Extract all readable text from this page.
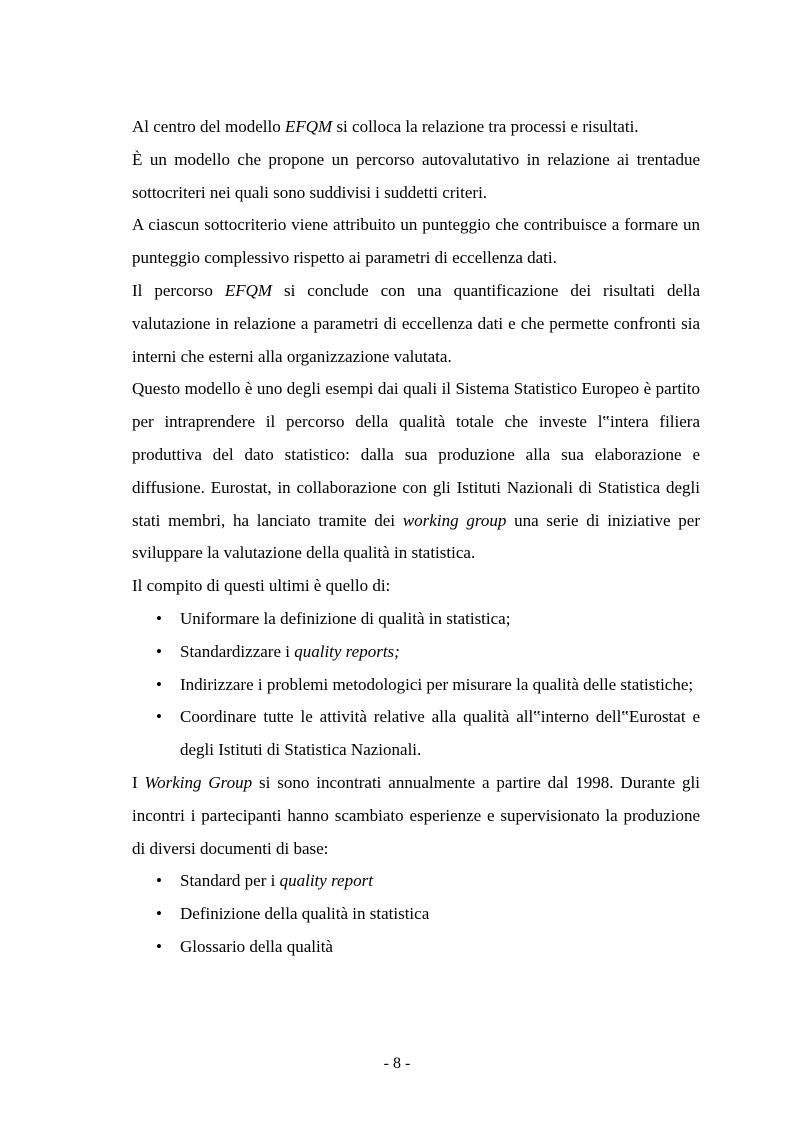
Al centro del modello EFQM si colloca la relazione tra processi e risultati.

È un modello che propone un percorso autovalutativo in relazione ai trentadue sottocriteri nei quali sono suddivisi i suddetti criteri.

A ciascun sottocriterio viene attribuito un punteggio che contribuisce a formare un punteggio complessivo rispetto ai parametri di eccellenza dati.

Il percorso EFQM si conclude con una quantificazione dei risultati della valutazione in relazione a parametri di eccellenza dati e che permette confronti sia interni che esterni alla organizzazione valutata.

Questo modello è uno degli esempi dai quali il Sistema Statistico Europeo è partito per intraprendere il percorso della qualità totale che investe l‟intera filiera produttiva del dato statistico: dalla sua produzione alla sua elaborazione e diffusione. Eurostat, in collaborazione con gli Istituti Nazionali di Statistica degli stati membri, ha lanciato tramite dei working group una serie di iniziative per sviluppare la valutazione della qualità in statistica.

Il compito di questi ultimi è quello di:

• Uniformare la definizione di qualità in statistica;
• Standardizzare i quality reports;
• Indirizzare i problemi metodologici per misurare la qualità delle statistiche;
• Coordinare tutte le attività relative alla qualità all‟interno dell‟Eurostat e degli Istituti di Statistica Nazionali.

I Working Group si sono incontrati annualmente a partire dal 1998. Durante gli incontri i partecipanti hanno scambiato esperienze e supervisionato la produzione di diversi documenti di base:

• Standard per i quality report
• Definizione della qualità in statistica
• Glossario della qualità
- 8 -
